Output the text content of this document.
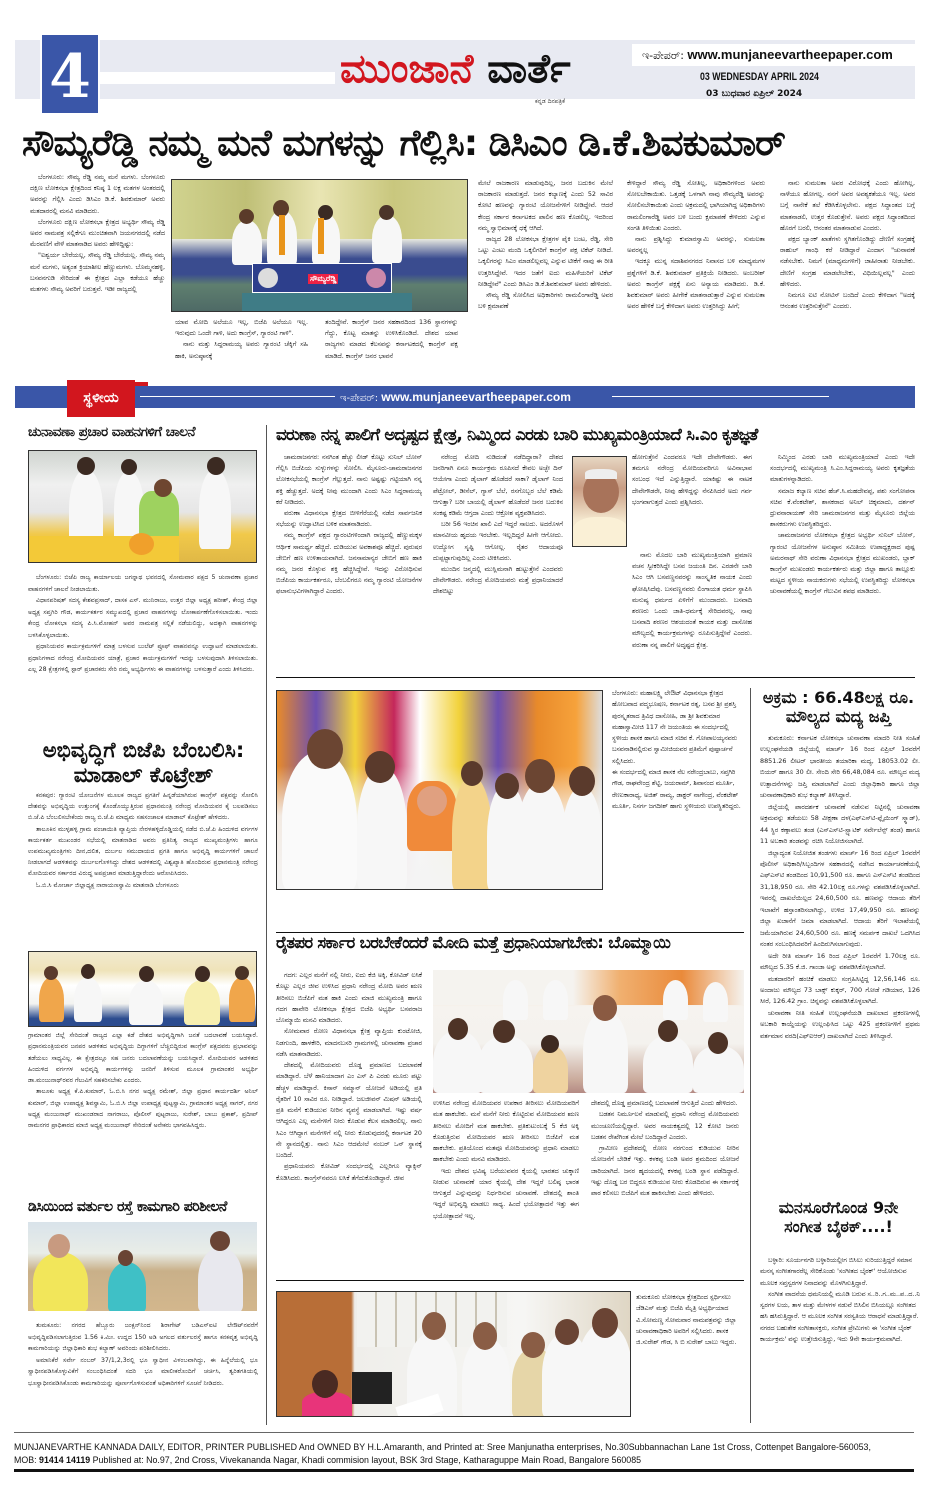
4	ಮುಂಜಾನೆ ವಾರ್ತೆ
ಕನ್ನಡ ದಿನಪತ್ರಿಕೆ
ಇ-ಪೇಪರ್: www.munjaneevartheepaper.com
03 WEDNESDAY APRIL 2024
03 ಬುಧವಾರ ಏಪ್ರಿಲ್ 2024
ಸೌಮ್ಯರೆಡ್ಡಿ ನಮ್ಮ ಮನೆ ಮಗಳನ್ನು ಗೆಲ್ಲಿಸಿ: ಡಿಸಿಎಂ ಡಿ.ಕೆ.ಶಿವಕುಮಾರ್

ಬೆಂಗಳೂರು: ಸೌಮ್ಯ ರೆಡ್ಡಿ ನಮ್ಮ ಮನೆ ಮಗಳು. ಬೆಂಗಳೂರು ದಕ್ಷಿಣ ಲೋಕಸಭಾ ಕ್ಷೇತ್ರದಿಂದ ಕನಿಷ್ಠ 1 ಲಕ್ಷ ಮತಗಳ ಅಂತರದಲ್ಲಿ ಅವರನ್ನು ಗೆಲ್ಲಿಸಿ ಎಂದು ಡಿಸಿಎಂ ಡಿ.ಕೆ. ಶಿವಕುಮಾರ್ ಅವರು ಮತದಾರರಲ್ಲಿ ಮನವಿ ಮಾಡಿದರು.

ಬೆಂಗಳೂರು ದಕ್ಷಿಣ ಲೋಕಸಭಾ ಕ್ಷೇತ್ರದ ಅಭ್ಯರ್ಥಿ ಸೌಮ್ಯ ರೆಡ್ಡಿ ಅವರ ನಾಮಪತ್ರ ಸಲ್ಲಿಕೆಗೂ ಮುಂಚಿತವಾಗಿ ಜಯನಗರದಲ್ಲಿ ನಡೆದ ಮೆರವಣಿಗೆ ವೇಳೆ ಮಾತನಾಡಿದ ಅವರು ಹೇಳಿದ್ದಿಷ್ಟು:

"ಐಶ್ವರ್ಯ ಬೇರೆಯಲ್ಲ, ಸೌಮ್ಯ ರೆಡ್ಡಿ ಬೇರೆಯಲ್ಲ. ಸೌಮ್ಯ ನಮ್ಮ ಮನೆ ಮಗಳು, ಅತ್ಯಂತ ಕ್ರಿಯಾಶೀಲ ಹೆಣ್ಣುಮಗಳು. ಬೊಮ್ಮನಹಳ್ಳಿ, ಬಸವನಗುಡಿ ಸೇರಿದಂತೆ ಈ ಕ್ಷೇತ್ರದ ಎಲ್ಲಾ ಕಡೆಯೂ ಹೆಚ್ಚು ಮತಗಳು ಸೌಮ್ಯ ಅವರಿಗೆ ಬರುತ್ತವೆ. ಇಡೀ ರಾಜ್ಯದಲ್ಲಿ

ಸೌಮ್ಯರೆಡ್ಡಿ

ಯಾವ ಮೋದಿ ಅಲೆಯೂ ಇಲ್ಲ, ಬಿಜೆಪಿ ಅಲೆಯೂ ಇಲ್ಲ. ಇರುವುದು ಒಂದೇ ಗಾಳಿ, ಅದು ಕಾಂಗ್ರೆಸ್, ಗ್ಯಾರಂಟಿ ಗಾಳಿ".

ನಾನು ಮತ್ತು ಸಿದ್ದರಾಮಯ್ಯ ಅವರು ಗ್ಯಾರಂಟಿ ಚೆಕ್ಕಿಗೆ ಸಹಿ ಹಾಕಿ, ಅನುಷ್ಠಾನಕ್ಕೆ

ತಂದಿದ್ದೇವೆ. ಕಾಂಗ್ರೆಸ್ ಜನರ ಸಹಕಾರದಿಂದ 136 ಸ್ಥಾನಗಳನ್ನು ಗೆದ್ದು, ಕೊಟ್ಟ ಮಾತನ್ನು ಉಳಿಸಿಕೊಂಡಿದೆ. ದೇಶದ ಯಾವ ರಾಜ್ಯಗಳು ಮಾಡದ ಕೆಲಸವನ್ನು ಕರ್ನಾಟಕದಲ್ಲಿ ಕಾಂಗ್ರೆಸ್ ಪಕ್ಷ ಮಾಡಿದೆ. ಕಾಂಗ್ರೆಸ್ ಜನರ ಭಾವನೆ

ಮೇಲೆ ರಾಜಕಾರಣ ಮಾಡುವುದಿಲ್ಲ, ಜನರ ಬದುಕಿನ ಮೇಲೆ ರಾಜಕಾರಣ ಮಾಡುತ್ತದೆ. ಜನರ ಕಲ್ಯಾಣಕ್ಕೆ ಎಂದು 52 ಸಾವಿರ ಕೋಟಿ ಹಣವನ್ನು ಗ್ಯಾರಂಟಿ ಯೋಜನೆಗಳಿಗೆ ನೀಡಿದ್ದೇವೆ. ಆದರೆ ಕೇಂದ್ರ ಸರ್ಕಾರ ಕರ್ನಾಟಕದ ಪಾಲಿನ ಹಣ ಕೊಡಲಿಲ್ಲ. ಇದರಿಂದ ನಮ್ಮ ಸ್ವಾಭಿಮಾನಕ್ಕೆ ಧಕ್ಕೆ ಆಗಿದೆ.

ರಾಜ್ಯದ 28 ಲೋಕಸಭಾ ಕ್ಷೇತ್ರಗಳ ಪೈಕಿ ಬಂಟ, ರೆಡ್ಡಿ, ಸೇರಿ ಒಟ್ಟು ಎಂಟು ಮಂದಿ ಒಕ್ಕಲಿಗರಿಗೆ ಕಾಂಗ್ರೆಸ್ ಪಕ್ಷ ಟಿಕೆಟ್ ನೀಡಿದೆ. ಒಕ್ಕಲಿಗರನ್ನು ಸಿಎಂ ಮಾಡಲಿಲ್ಲವಲ್ಲ ಎನ್ನುವ ಟೀಕೆಗೆ ನಾವು ಈ ರೀತಿ ಉತ್ತರಿಸಿದ್ದೇವೆ. ಇದರ ಜತೆಗೆ ಐದು ಮಹಿಳೆಯರಿಗೆ ಟಿಕೆಟ್ ನೀಡಿದ್ದೇವೆ" ಎಂದು ಡಿಸಿಎಂ ಡಿ.ಕೆ.ಶಿವಕುಮಾರ್ ಅವರು ಹೇಳಿದರು.

ಸೌಮ್ಯ ರೆಡ್ಡಿ ಸೋಲಿಸಿದ ಅಧಿಕಾರಿಗಳು ರಾಮಲಿಂಗಾರೆಡ್ಡಿ ಅವರ ಬಳಿ ಕ್ಷಮಾಪಣೆ

ಕೇಳಿದ್ದಾರೆ ಸೌಮ್ಯ ರೆಡ್ಡಿ ಸೋತಿಲ್ಲ, ಅಧಿಕಾರಿಗಳಿಂದ ಅವರು ಸೋಲಬೇಕಾಯಿತು. ಒತ್ತಡಕ್ಕೆ ಒಳಗಾಗಿ ನಾವು ಸೌಮ್ಯರೆಡ್ಡಿ ಅವರನ್ನು ಸೋಲಿಸಬೇಕಾಯಿತು ಎಂದು ಅಕ್ರಮದಲ್ಲಿ ಭಾಗಿಯಾಗಿದ್ದ ಅಧಿಕಾರಿಗಳು ರಾಮಲಿಂಗಾರೆಡ್ಡಿ ಅವರ ಬಳಿ ಬಂದು ಕ್ಷಮಾಪಣೆ ಕೇಳಿದರು ಎನ್ನುವ ಸಂಗತಿ ತಿಳಿಯಿತು ಎಂದರು.

ನಾನು ಪ್ರಶ್ನಿಸಿದ್ದು ಕುಮಾರಸ್ವಾಮಿ ಅವರನ್ನು, ಸುಮಲತಾ ಅವರನ್ನಲ್ಲ

ಇದಕ್ಕೂ ಮುನ್ನ ಸದಾಶಿವನಗರದ ನಿವಾಸದ ಬಳಿ ಮಾಧ್ಯಮಗಳ ಪ್ರಶ್ನೆಗಳಿಗೆ ಡಿ.ಕೆ. ಶಿವಕುಮಾರ್ ಪ್ರತಿಕ್ರಿಯೆ ನೀಡಿದರು. ಅಂಬರೀಶ್ ಅವರು ಕಾಂಗ್ರೆಸ್ ಪಕ್ಷಕ್ಕೆ ಏನು ಅನ್ಯಾಯ ಮಾಡಿದರು. ಡಿ.ಕೆ. ಶಿವಕುಮಾರ್ ಅವರು ಹೀಗೇಕೆ ಮಾತನಾಡುತ್ತಾರೆ ಎನ್ನುವ ಸುಮಲತಾ ಅವರ ಹೇಳಿಕೆ ಬಗ್ಗೆ ಕೇಳಿದಾಗ ಅವರು ಉತ್ತರಿಸಿದ್ದು ಹೀಗೆ;

ನಾನು ಸುಮಲತಾ ಅವರ ವಿರೋಧಕ್ಕೆ ಎಂದು ಹೋಗಿಲ್ಲ, ನಾಳೆಯೂ ಹೋಗಲ್ಲ. ನನಗೆ ಅವರ ಅವಶ್ಯಕತೆಯೂ ಇಲ್ಲ. ಅವರ ಬಗ್ಗೆ ನಾನೇಕೆ ತಲೆ ಕೆಡಿಸಿಕೊಳ್ಳಲೇನು. ಪಕ್ಷದ ಸಿದ್ಧಾಂತದ ಬಗ್ಗೆ ಮಾತನಾಡಲಿ, ಉತ್ತರ ಕೊಡುತ್ತೇನೆ. ಅವರು ಪಕ್ಷದ ಸಿದ್ಧಾಂತದಿಂದ ಹೊರಗೆ ಬರಲಿ, ಆನಂತರ ಮಾತನಾಡುವ ಎಂದರು.

ಪಕ್ಷದ ಬ್ಯಾಂಕ್ ಖಾತೆಗಳು ಸ್ಥಗಿತಗೊಂಡಿದ್ದು ದೇಣಿಗೆ ಸಂಗ್ರಹಕ್ಕೆ ರಾಹುಲ್ ಗಾಂಧಿ ಕರೆ ನೀಡಿದ್ದಾರೆ ಎಂದಾಗ "ಚುನಾವಣೆ ನಡೆಸಬೇಕು. ನಿಮಗೆ (ಮಾಧ್ಯಮಗಳಿಗೆ) ಜಾಹೀರಾತು ನೀಡಬೇಕು. ದೇಣಿಗೆ ಸಂಗ್ರಹ ಮಾಡಲೇಬೇಕು, ವಿಧಿಯಿಲ್ಲವಲ್ಲ" ಎಂದು ಹೇಳಿದರು.

ನಿಮಗೂ ಐಟಿ ನೋಟಿಸ್ ಬಂದಿದೆ ಎಂದು ಕೇಳಿದಾಗ "ಅದಕ್ಕೆ ಆನಂತರ ಉತ್ತರಿಸುತ್ತೇನೆ" ಎಂದರು.

ಇ-ಪೇಪರ್: www.munjaneevartheepaper.com
ಸ್ಥಳೀಯ
ಚುನಾವಣಾ ಪ್ರಚಾರ ವಾಹನಗಳಿಗೆ ಚಾಲನೆ

ಬೆಂಗಳೂರು: ಬಿಜೆಪಿ ರಾಜ್ಯ ಕಾರ್ಯಾಲಯ ಜಗನ್ನಾಥ ಭವನದಲ್ಲಿ ಸೋಮವಾರ ಪಕ್ಷದ 5 ಚುನಾವಣಾ ಪ್ರಚಾರ ವಾಹನಗಳಿಗೆ ಚಾಲನೆ ನೀಡಲಾಯಿತು.

ವಿಧಾನಪರಿಷತ್ ಸದಸ್ಯ ಕೇಶವಪ್ರಸಾದ್, ದಾಸಕ ಎಸ್. ಮುನಿರಾಜು, ಉತ್ತರ ಜಿಲ್ಲಾ ಅಧ್ಯಕ್ಷ ಹರೀಶ್, ಕೇಂದ್ರ ಜಿಲ್ಲಾ ಅಧ್ಯಕ್ಷ ಸಪ್ತಗಿರಿ ಗೌಡ, ಕಾರ್ಯಕರ್ತರ ಸಮ್ಮುಖದಲ್ಲಿ ಪ್ರಚಾರ ವಾಹನಗಳನ್ನು ಲೋಕಾರ್ಪಣೆಗೊಳಿಸಲಾಯಿತು. ಇಂದು ಕೇಂದ್ರ ಲೋಕಸಭಾ ಸದಸ್ಯ ಪಿ.ಸಿ.ಮೋಹನ್ ಅವರ ನಾಮಪತ್ರ ಸಲ್ಲಿಕೆ ನಡೆಯಲಿದ್ದು, ಅದಕ್ಕಾಗಿ ವಾಹನಗಳನ್ನು ಬಳಸಿಕೊಳ್ಳಲಾಯಿತು.

ಪ್ರಧಾನಿಯವರ ಕಾರ್ಯಕ್ರಮಗಳಿಗೆ ಮಾತ್ರ ಬಳಸುವ ಬುಲೆಟ್ ಪ್ರೂಫ್ ವಾಹನವನ್ನೂ ಉದ್ಘಾಟನೆ ಮಾಡಲಾಯಿತು. ಪ್ರಧಾನಿಗಳಾದ ನರೇಂದ್ರ ಮೋದಿಯವರ ಯಾತ್ರೆ, ಪ್ರಚಾರ ಕಾರ್ಯಕ್ರಮಗಳಿಗೆ ಇದನ್ನು ಬಳಸುವುದಾಗಿ ತಿಳಿಸಲಾಯಿತು. ಎಲ್ಲ 28 ಕ್ಷೇತ್ರಗಳಲ್ಲಿ ಸ್ಟಾರ್ ಪ್ರಚಾರಕರು ಸೇರಿ ನಮ್ಮ ಅಭ್ಯರ್ಥಿಗಳು ಈ ವಾಹನಗಳನ್ನು ಬಳಸುತ್ತಾರೆ ಎಂದು ತಿಳಿಸಿದರು.

ಅಭಿವೃದ್ಧಿಗೆ ಬಿಜೆಪಿ ಬೆಂಬಲಿಸಿ:
ಮಾಡಾಲ್ ಕೊಟ್ರೇಶ್

ಕನಕಪುರ: ಗ್ಯಾರಂಟಿ ಯೋಜನೆಗಳ ಮೂಲಕ ರಾಜ್ಯದ ಪ್ರಗತಿಗೆ ಹಿನ್ನಡೆಯಾಗಿರುವ ಕಾಂಗ್ರೆಸ್ ಪಕ್ಷವನ್ನು ಸೋಲಿಸಿ ದೇಶವನ್ನು ಅಭಿವೃದ್ಧಿಯ ಉತ್ತುಂಗಕ್ಕೆ ಕೊಂಡೊಯ್ಯುತ್ತಿರುವ ಪ್ರಧಾನಮಂತ್ರಿ ನರೇಂದ್ರ ಮೋದಿಯವರ ಕೈ ಬಲಪಡಿಸಲು ಬಿ.ಜೆ.ಪಿ ಬೆಂಬಲಿಸಬೇಕೆಂದು ರಾಜ್ಯ ಬಿ.ಜೆ.ಪಿ ಮಾಧ್ಯಮ ಸಹಸಂಚಾಲಕ ಮಾಡಾಲ್ ಕೊಟ್ರೇಶ್ ಹೇಳಿದರು.

ತಾಲೂಕಿನ ಮುಳ್ಳಹಳ್ಳಿ ಗ್ರಾಮ ಪಂಚಾಯಿತಿ ವ್ಯಾಪ್ತಿಯ ನೇರಳಹಳ್ಳಿದೊಡ್ಡಿಯಲ್ಲಿ ನಡೆದ ಬಿ.ಜೆ.ಪಿ ಹಿಂದುಳಿದ ವರ್ಗಗಳ ಕಾರ್ಯಕರ್ತ ಮುಖಂಡರ ಸಭೆಯಲ್ಲಿ ಮಾತನಾಡಿದ ಅವರು ಪ್ರತಿನಿತ್ಯ ರಾಜ್ಯದ ಮುಖ್ಯಮಂತ್ರಿಗಳು ಹಾಗೂ ಉಪಮುಖ್ಯಮಂತ್ರಿಗಳು ದೀನ,ದಲಿತ, ದುರ್ಬಲ ಸಮುದಾಯದ ಪ್ರಗತಿ ಹಾಗೂ ಅಭಿವೃದ್ಧಿ ಕಾರ್ಯಗಳಿಗೆ ಚಾಲನೆ ನೀಡಲಾಗದೆ ಆಡಳಿತವನ್ನು ದುರ್ಬಲಗೊಳಿಸಿದ್ದು ದೇಶದ ಆಡಳಿತದಲ್ಲಿ ವಿಶ್ವಖ್ಯಾತಿ ಹೊಂದಿರುವ ಪ್ರಧಾನಮಂತ್ರಿ ನರೇಂದ್ರ ಮೋದಿಯವರ ಸರ್ಕಾರದ ವಿರುದ್ಧ ಅಪಪ್ರಚಾರ ಮಾಡುತ್ತಿದ್ದಾರೆಂದು ಆರೋಪಿಸಿದರು.

ಓ.ಬಿ.ಸಿ ಮೋರ್ಚಾ ಜಿಲ್ಲಾಧ್ಯಕ್ಷ ನಾರಾಯಣಸ್ವಾಮಿ ಮಾತನಾಡಿ ಬೆಂಗಳೂರು

ಗ್ರಾಮಾಂತರ ಜಿಲ್ಲೆ ಸೇರಿದಂತೆ ರಾಜ್ಯದ ಎಲ್ಲಾ ಕಡೆ ದೇಶದ ಅಭಿವೃದ್ಧಿಗಾಗಿ ಜನತೆ ಬದಲಾವಣೆ ಬಯಸಿದ್ದಾರೆ. ಪ್ರಧಾನಮಂತ್ರಿಯವರ ಜನಪರ ಆಡಳಿತದ ಅಭಿವೃದ್ಧಿಯ ದಿಗ್ದಾಗಳಿಗೆ ಬೆಚ್ಚಿಬಿದ್ದಿರುವ ಕಾಂಗ್ರೆಸ್ ಪಕ್ಷದವರು ಪ್ರಭಾವವನ್ನು ತಡೆಯಲು ಸಾಧ್ಯವಿಲ್ಲ. ಈ ಕ್ಷೇತ್ರದಲ್ಲೂ ಸಹ ಜನರು ಬದಲಾವಣೆಯನ್ನು ಬಯಸಿದ್ದಾರೆ. ಮೋದಿಯವರ ಆಡಳಿತದ ಹಿಂದುಳಿದ ವರ್ಗಗಳ ಅಭಿವೃದ್ಧಿ ಕಾರ್ಯಗಳನ್ನು ಜನರಿಗೆ ತಿಳಿಸುವ ಮೂಲಕ ಗ್ರಾಮಾಂತರ ಅಭ್ಯರ್ಥಿ ಡಾ.ಮಂಜುನಾಥ್‌ರವರ ಗೆಲುವಿಗೆ ಸಹಕರಿಸಬೇಕು ಎಂದರು.

ತಾಲೂಕು ಅಧ್ಯಕ್ಷ ಕೆ.ಪಿ.ಕುಮಾರ್, ಓ.ಬಿ.ಸಿ ನಗರ ಅಧ್ಯಕ್ಷ ರಮೇಶ್, ಜಿಲ್ಲಾ ಪ್ರಧಾನ ಕಾರ್ಯದರ್ಶಿ ಅನಿಲ್ ಕುಮಾರ್, ಜಿಲ್ಲಾ ಉಪಾಧ್ಯಕ್ಷ ಶಿವಸ್ವಾಮಿ, ಓ.ಬಿ.ಸಿ ಜಿಲ್ಲಾ ಉಪಾಧ್ಯಕ್ಷ ಪುಟ್ಟಸ್ವಾಮಿ, ಗ್ರಾಮಾಂತರ ಅಧ್ಯಕ್ಷ ಸಾಗರ್, ನಗರ ಅಧ್ಯಕ್ಷ ಮಂಜುನಾಥ್ ಮುಖಂಡರಾದ ನಾಗರಾಜು, ಪೊಲೀಸ್ ಪುಟ್ಟರಾಜು, ಸುರೇಶ್, ಬಾಬು ಪ್ರಕಾಶ್, ಪ್ರದೀಪ್ ರಾಮನಗರ ಪ್ರಾಧಿಕಾರದ ಮಾಜಿ ಅಧ್ಯಕ್ಷ ಮಂಜುನಾಥ್ ಸೇರಿದಂತೆ ಅನೇಕರು ಭಾಗವಹಿಸಿದ್ದರು.

ಡಿಸಿಯಿಂದ ವರ್ತುಲ ರಸ್ತೆ ಕಾಮಗಾರಿ ಪರಿಶೀಲನೆ

ತುಮಕೂರು: ನಗರದ ಹೆಬ್ಬೂರು ಜಂಕ್ಷನ್‌ನಿಂದ ಶಿರಾಗೇಟ್ ಬಡಿಎಸ್‌ಐಟಿ ಲೇಔಟ್‌ನವರೆಗೆ ಅಭಿವೃದ್ಧಿಪಡಿಸಲಾಗುತ್ತಿರುವ 1.56 ಕಿ.ಮೀ. ಉದ್ದದ 150 ಅಡಿ ಅಗಲದ ವರ್ತುಲರಸ್ತೆ ಹಾಗೂ ಕನಕವೃತ್ತ ಅಭಿವೃದ್ಧಿ ಕಾಮಗಾರಿಯನ್ನು ಜಿಲ್ಲಾಧಿಕಾರಿ ಶುಭ ಕಲ್ಯಾಣ್ ಅವರಿಂದು ಪರಿಶೀಲಿಸಿದರು.

ಅಮಾನಿಕೆರೆ ಸರ್ವೇ ನಂಬರ್ 37/1,2,3ರಲ್ಲಿ ಭೂ ಸ್ವಾಧೀನ ವಿಳಂಬವಾಗಿದ್ದು, ಈ ಹಿನ್ನೆಲೆಯಲ್ಲಿ ಭೂ ಸ್ವಾಧೀನಪಡಿಸಿಕೊಳ್ಳುವಿಕೆಗೆ ಸಂಬಂಧಿಸಿದಂತೆ ಸದರಿ ಭೂ ಮಾಲೀಕರೊಂದಿಗೆ ಚರ್ಚಿಸಿ, ತ್ವರಿತಗತಿಯಲ್ಲಿ ಭೂಸ್ವಾಧೀನಪಡಿಸಿಕೊಂಡು ಕಾಮಗಾರಿಯನ್ನು ಪೂರ್ಣಗೊಳಿಸುವಂತೆ ಅಧಿಕಾರಿಗಳಿಗೆ ಸೂಚನೆ ನೀಡಿದರು.

ವರುಣಾ ನನ್ನ ಪಾಲಿಗೆ ಅದೃಷ್ಟದ ಕ್ಷೇತ್ರ, ನಿಮ್ಮಿಂದ ಎರಡು ಬಾರಿ ಮುಖ್ಯಮಂತ್ರಿಯಾದೆ ಸಿ.ಎಂ ಕೃತಜ್ಞತೆ

ಚಾಮರಾಜನಗರ: ನನಗಿಂತ ಹೆಚ್ಚು ಲೀಡ್ ಕೊಟ್ಟು ಸುನಿಲ್ ಬೋಸ್ ಗೆಲ್ಲಿಸಿ ಬಿಜೆಪಿಯ ಸುಳ್ಳುಗಳನ್ನು ಸೋಲಿಸಿ. ಮೈಸೂರು-ಚಾಮರಾಜನಗರ ಲೋಕಸಭೆಯಲ್ಲಿ ಕಾಂಗ್ರೆಸ್ ಗೆಲ್ಲುತ್ತದೆ. ನಾನು ಅಷ್ಟಷ್ಟು ಗಟ್ಟಿಯಾಗಿ ನನ್ನ ಶಕ್ತಿ ಹೆಚ್ಚುತ್ತದೆ. ಅದಕ್ಕೆ ನೀವು ಮುಂದಾಗಿ ಎಂದು ಸಿಎಂ ಸಿದ್ದರಾಮಯ್ಯ ಕರೆ ನೀಡಿದರು.

ವರುಣಾ ವಿಧಾನಸಭಾ ಕ್ಷೇತ್ರದ ಬೀಳಿಗೆರೆಯಲ್ಲಿ ನಡೆದ ಸಾರ್ವಜನಿಕ ಸಭೆಯನ್ನು ಉದ್ಘಾಟಿಸಿದ ಬಳಿಕ ಮಾತನಾಡಿದರು.

ನಮ್ಮ ಕಾಂಗ್ರೆಸ್ ಪಕ್ಷದ ಗ್ಯಾರಂಟಿಗಳಿಂದಾಗಿ ರಾಜ್ಯದಲ್ಲಿ ಹೆಣ್ಣುಮಕ್ಕಳ ಆರ್ಥಿಕ ಸಾಮರ್ಥ್ಯ ಹೆಚ್ಚಿದೆ. ದುಡಿಯುವ ಅವಕಾಶವೂ ಹೆಚ್ಚಿದೆ. ಪುರುಷರ ಜೇಬಿಗೆ ಹಣ ಉಳಿತಾಯವಾಗಿದೆ. ಜನಸಾಮಾನ್ಯರ ಜೇಬಿಗೆ ಹಣ ಹಾಕಿ ನಮ್ಮ ಜನರ ಕೊಳ್ಳುವ ಶಕ್ತಿ ಹೆಚ್ಚಿಸಿದ್ದೇವೆ. ಇದನ್ನು ವಿರೋಧಿಸುವ ಬಿಜೆಪಿಯ ಕಾರ್ಯಕರ್ತರೂ, ಬೆಂಬಲಿಗರೂ ನಮ್ಮ ಗ್ಯಾರಂಟಿ ಯೋಜನೆಗಳ ಫಲಾನುಭವಿಗಳಾಗಿದ್ದಾರೆ ಎಂದರು.

ನರೇಂದ್ರ ಮೋದಿ ನುಡಿದಂತೆ ನಡೆದಿದ್ದಾರಾ? ದೇಶದ ಜನರಿಗಾಗಿ ಏನೂ ಕಾರ್ಯಕ್ರಮ ರೂಪಿಸದೆ ಕೇವಲ ಅಚ್ಛೇ ದಿನ್ ಆಯೇಗಾ ಎಂದು ಡೈಲಾಗ್ ಹೊಡೆದರೆ ಸಾಕಾ? ಡೈಲಾಗ್ ನಿಂದ ಪೆಟ್ರೋಲ್, ಡೀಸೆಲ್, ಗ್ಯಾಸ್ ಬೆಲೆ, ರಸಗೊಬ್ಬರ ಬೆಲೆ ಕಡಿಮೆ ಆಗುತ್ತಾ? ಬರೀ ಬಾಯಲ್ಲಿ ಡೈಲಾಗ್ ಹೊಡೆದರೆ ಜನರ ಬದುಕಿನ ಸಂಕಷ್ಟ ಕಡಿಮೆ ಆಗ್ತದಾ ಎಂದು ಆಕ್ರೋಶ ವ್ಯಕ್ತಪಡಿಸಿದರು.

ಬರೀ 56 ಇಂಚಿನ ಖಾಲಿ ಎದೆ ಇದ್ದರೆ ಸಾಲದು. ಅದರೊಳಗೆ ಮಾನವೀಯ ಹೃದಯ ಇರಬೇಕು. ಇಲ್ಲದಿದ್ದರೆ ಹೀಗೇ ಆಗೋದು. ಉದ್ಯೋಗ ಸೃಷ್ಟಿ ಆಗೋಲ್ಲ. ರೈತರ ಆದಾಯವೂ ದುಪ್ಪಟ್ಟಾಗುವುದಿಲ್ಲ ಎಂದು ಟೀಕಿಸಿದರು.

ಮುಂದಿನ ಜನ್ಮದಲ್ಲಿ ಮುಸ್ಲಿಮನಾಗಿ ಹುಟ್ಟುತ್ತೇನೆ ಎಂದವರು ದೇವೇಗೌಡರು. ನರೇಂದ್ರ ಮೋದಿಯವರು ಮತ್ತೆ ಪ್ರಧಾನಿಯಾದರೆ ದೇಶಬಿಟ್ಟು

ಹೋಗುತ್ತೇನೆ ಎಂದವರೂ ಇದೇ ದೇವೇಗೌಡರು. ಈಗ ತಮಗೂ ನರೇಂದ್ರ ಮೋದಿಯವರಿಗೂ ಅವಿನಾಭಾವ ಸಂಬಂಧ ಇದೆ ಎನ್ನುತ್ತಿದ್ದಾರೆ. ಯಾಕಿಷ್ಟು ಈ ನಾಟಕ ದೇವೇಗೌಡರೇ, ನೀವು ಹೇಳಿದ್ದನ್ನು ನೆನಪಿಸಿದರೆ ಅದು ಗರ್ವ ಭಂಗವಾಗುತ್ತದೆ ಎಂದು ಪ್ರಶ್ನಿಸಿದರು.

ನಾನು ಮೊದಲ ಬಾರಿ ಮುಖ್ಯಮಂತ್ರಿಯಾಗಿ ಪ್ರಮಾಣ ವಚನ ಸ್ವೀಕರಿಸಿದ್ದೇ ಬಸವ ಜಯಂತಿ ದಿನ. ಎರಡನೇ ಬಾರಿ ಸಿಎಂ ಆಗಿ ಬಸವಣ್ಣನವರನ್ನು ಸಾಂಸ್ಕೃತಿಕ ನಾಯಕ ಎಂದು ಘೋಷಿಸಿದೆವು. ಬಸವಣ್ಣನವರು ಲಿಂಗಾಯತ ಧರ್ಮ ಸ್ಥಾಪಿಸಿ ಮನುಷ್ಯ ಧರ್ಮದ ಏಳಿಗೆಗೆ ಮುಂದಾದರು. ಬಸವಾದಿ ಶರಣರು ಒಂದು ಜಾತಿ-ಧರ್ಮಕ್ಕೆ ಸೇರಿದವರಲ್ಲ. ನಾವು ಬಸವಾದಿ ಶರಣರ ಆಶಯದಂತೆ ಕಾಯಕ ಮತ್ತು ದಾಸೋಹ ಮೌಲ್ಯದಲ್ಲಿ ಕಾರ್ಯಕ್ರಮಗಳನ್ನು ರೂಪಿಸುತ್ತಿದ್ದೇವೆ ಎಂದರು. ವರುಣಾ ನನ್ನ ಪಾಲಿಗೆ ಅದೃಷ್ಟದ ಕ್ಷೇತ್ರ.

ನಿಮ್ಮಿಂದ ಎರಡು ಬಾರಿ ಮುಖ್ಯಮಂತ್ರಿಯಾದೆ ಎಂದು ಇದೇ ಸಂದರ್ಭದಲ್ಲಿ ಮುಖ್ಯಮಂತ್ರಿ ಸಿ.ಎಂ.ಸಿದ್ದರಾಮಯ್ಯ ಅವರು ಕೃತಜ್ಞತೆಯ ಮಾತುಗಳನ್ನಾಡಿದರು.

ಸಮಾಜ ಕಲ್ಯಾಣ ಸಚಿವ ಹೆಚ್.ಸಿ.ಮಹದೇವಪ್ಪ, ಪಶು ಸಂಗೋಪನಾ ಸಚಿವ ಕೆ.ವೆಂಕಟೇಶ್, ಶಾಸಕರಾದ ಅನಿಲ್ ಚಿಕ್ಕಮಾದು, ದರ್ಶನ್ ಧ್ರುವನಾರಾಯಣ್ ಸೇರಿ ಚಾಮರಾಜನಗರ ಮತ್ತು ಮೈಸೂರು ಜಿಲ್ಲೆಯ ಶಾಸಕರುಗಳು ಉಪಸ್ಥಿತರಿದ್ದರು.

ಚಾಮರಾಜನಗರ ಲೋಕಸಭಾ ಕ್ಷೇತ್ರದ ಅಭ್ಯರ್ಥಿ ಸುನಿಲ್ ಬೋಸ್, ಗ್ಯಾರಂಟಿ ಯೋಜನೆಗಳ ಅನುಷ್ಠಾನ ಸಮಿತಿಯ ಉಪಾಧ್ಯಕ್ಷರಾದ ಪುಷ್ಪ ಅಮರನಾಥ್ ಸೇರಿ ವರುಣಾ ವಿಧಾನಸಭಾ ಕ್ಷೇತ್ರದ ಮುಖಂಡರು, ಬ್ಲಾಕ್ ಕಾಂಗ್ರೆಸ್ ಮುಖಂಡರು ಕಾರ್ಯಕರ್ತರು ಮತ್ತು ಜಿಲ್ಲಾ ಹಾಗೂ ತಾಲ್ಲೂಕು ಮಟ್ಟದ ಸ್ಥಳೀಯ ನಾಯಕರುಗಳು ಸಭೆಯಲ್ಲಿ ಉಪಸ್ಥಿತರಿದ್ದು ಲೋಕಸಭಾ ಚುನಾವಣೆಯಲ್ಲಿ ಕಾಂಗ್ರೆಸ್ ಗೆಲುವಿನ ಶಪಥ ಮಾಡಿದರು.

ಬೆಂಗಳೂರು: ಮಹಾಲಕ್ಷ್ಮಿ ಲೇಔಟ್ ವಿಧಾನಸಭಾ ಕ್ಷೇತ್ರದ ಹೋಬವಾದ ಪದ್ಮಭೂಷಣ, ಕರ್ನಾಟಕ ರತ್ನ, ಬಸವ ಶ್ರೀ ಪ್ರಶಸ್ತಿ ಪುರಸ್ಕೃತರಾದ ತ್ರಿವಿಧ ದಾಸೋಹಿ, ಡಾ ಶ್ರೀ ಶಿವಕುಮಾರ ಮಹಾಸ್ವಾಮೀಜಿ 117 ನೇ ಜಯಂತಿಯ ಈ ಸಂದರ್ಭದಲ್ಲಿ ಸ್ಥಳೀಯ ಶಾಸಕ ಹಾಗೂ ಮಾಜಿ ಸಚಿವ ಕೆ. ಗೋಪಾಲಯ್ಯನವರು ಬಸವನಾಡಿನಲ್ಲಿರುವ ಸ್ವಾಮೀಜಿಯವರ ಪ್ರತಿಮೆಗೆ ಪುಷ್ಪಾರ್ಚನೆ ಸಲ್ಲಿಸಿದರು.

ಈ ಸಂದರ್ಭದಲ್ಲಿ ಮಾಜಿ ಶಾಸಕ ನೆಲ ನರೇಂದ್ರಬಾಬು, ಸಪ್ತಗಿರಿ ಗೌಡ, ರಾಘವೇಂದ್ರ ಶೆಟ್ಟಿ, ಜಯರಾಮ್, ಶಿವಾನಂದ ಮೂರ್ತಿ, ರೇಣುಕಾರಾಧ್ಯ, ಅಜಿತ್ ರಾಮ್ಯ, ಡಾಕ್ಟರ್ ನಾಗೇಂದ್ರ, ವೆಂಕಟೇಶ್ ಮೂರ್ತಿ, ನಿಸರ್ಗ ಜಗದೀಶ್ ಹಾಗು ಸ್ಥಳೀಯರು ಉಪಸ್ಥಿತರಿದ್ದರು.

ರೈತಪರ ಸರ್ಕಾರ ಬರಬೇಕೆಂದರೆ ಮೋದಿ ಮತ್ತೆ ಪ್ರಧಾನಿಯಾಗಬೇಕು: ಬೊಮ್ಮಾಯಿ

ಗದಗ: ಎಲ್ಲರ ಮನೆಗೆ ನಲ್ಲಿ ನೀರು, ಐದು ಕೆಜಿ ಅಕ್ಕಿ, ಕೋವಿಡ್ ಲಸಿಕೆ ಕೊಟ್ಟು ಎಲ್ಲರ ಜೀವ ಉಳಿಸಿದ ಪ್ರಧಾನಿ ನರೇಂದ್ರ ಮೋದಿ ಅವರ ಋಣ ತೀರಿಸಲು ಬಿಜೆಪಿಗೆ ಮತ ಹಾಕಿ ಎಂದು ಮಾಜಿ ಮುಖ್ಯಮಂತ್ರಿ ಹಾಗೂ ಗದಗ ಹಾವೇರಿ ಲೋಕಸಭಾ ಕ್ಷೇತ್ರದ ಬಿಜೆಪಿ ಅಭ್ಯರ್ಥಿ ಬಸವರಾಜ ಬೊಮ್ಮಾಯಿ ಮನವಿ ಮಾಡಿದರು.

ಸೋಮವಾರ ರೋಣ ವಿಧಾನಸಭಾ ಕ್ಷೇತ್ರ ವ್ಯಾಪ್ತಿಯ ಕುಂಟೋಜಿ, ನಿಡಗುಂದಿ, ಹಾಳಕೇರಿ, ಮಾದನಬಸರಿ ಗ್ರಾಮಗಳಲ್ಲಿ ಚುನಾವಣಾ ಪ್ರಚಾರ ನಡೆಸಿ ಮಾತನಾಡಿದರು.

ದೇಶದಲ್ಲಿ ಮೋದಿಯವರು ದೊಡ್ಡ ಪ್ರಮಾಣದ ಬದಲಾವಣೆ ಮಾಡಿದ್ದಾರೆ. ಬೆಳೆ ಹಾನಿಯಾದಾಗ ಎಂ ಎಸ್ ಪಿ ಎರಡು ಮೂರು ಪಟ್ಟು ಹೆಚ್ಚಳ ಮಾಡಿದ್ದಾರೆ. ಕಿಸಾನ್ ಸಮ್ಮಾನ್ ಯೋಜನೆ ಅಡಿಯಲ್ಲಿ ಪ್ರತಿ ರೈತರಿಗೆ 10 ಸಾವಿರ ರೂ. ನೀಡಿದ್ದಾರೆ. ಜಲಜೀವನ್ ಮಿಷನ್ ಅಡಿಯಲ್ಲಿ ಪ್ರತಿ ಮನೆಗೆ ಕುಡಿಯುವ ನೀರಿನ ವ್ಯವಸ್ಥೆ ಮಾಡಲಾಗಿದೆ. ಇಷ್ಟು ವರ್ಷ ಆಗಿದ್ದರೂ ಎಲ್ಲ ಮನೆಗಳಿಗೆ ನೀರು ಕೊಡುವ ಕೆಲಸ ಮಾಡಿರಲಿಲ್ಲ. ನಾನು ಸಿಎಂ ಆಗಿದ್ದಾಗ ಮನೆಗಳಿಗೆ ನಲ್ಲಿ ನೀರು ಕೊಡುವುದರಲ್ಲಿ ಕರ್ನಾಟಕ 20 ನೇ ಸ್ಥಾನದಲ್ಲಿತ್ತು. ನಾನು ಸಿಎಂ ಆದಮೇಲೆ ನಂಬರ್ ಒನ್ ಸ್ಥಾನಕ್ಕೆ ಬಂದಿದೆ.

ಪ್ರಧಾನಿಯವರು ಕೋವಿಡ್ ಸಂದರ್ಭದಲ್ಲಿ ಎಲ್ಲರಿಗೂ ವ್ಯಾಕ್ಸಿನ್ ಕೊಡಿಸಿದರು. ಕಾಂಗ್ರೆಸ್‌ನವರೂ ಲಸಿಕೆ ತೆಗೆದುಕೊಂಡಿದ್ದಾರೆ. ಜೀವ

ಉಳಿಸಿದ ನರೇಂದ್ರ ಮೋದಿಯವರ ಉಪಕಾರ ತೀರಿಸಲು ಮೋದಿಯವರಿಗೆ ಮತ ಹಾಕಬೇಕು. ಮನೆ ಮನೆಗೆ ನೀರು ಕೊಟ್ಟಿರುವ ಮೋದಿಯವರ ಋಣ ತೀರಿಸಲು ಮೋದಿಗೆ ಮತ ಹಾಕಬೇಕು. ಪ್ರತಿಕುಟುಂಬಕ್ಕೆ 5 ಕೆಜಿ ಅಕ್ಕಿ ಕೊಡುತ್ತಿರುವ ಮೋದಿಯವರ ಋಣ ತೀರಿಸಲು ಬಿಜೆಪಿಗೆ ಮತ ಹಾಕಬೇಕು. ಪ್ರತಿಯೊಂದ ಮತವೂ ಮೋದಿಯವರನ್ನು ಪ್ರಧಾನಿ ಮಾಡಲು ಹಾಕಬೇಕು ಎಂದು ಮನವಿ ಮಾಡಿದರು.

ಇದು ದೇಶದ ಭವಿಷ್ಯ ಬರೆಯುವವರ ಕೈಯಲ್ಲಿ ಭಾರತದ ಚುಕ್ಕಾಣಿ ನೀಡುವ ಚುನಾವಣೆ ಯಾರ ಕೈಯಲ್ಲಿ ದೇಶ ಇದ್ದರೆ ಬಲಿಷ್ಠ ಭಾರತ ಆಗುತ್ತದೆ ಎನ್ನುವುದನ್ನು ನಿರ್ಧರಿಸುವ ಚುನಾವಣೆ. ದೇಶದಲ್ಲಿ ಶಾಂತಿ ಇದ್ದರೆ ಅಭಿವೃದ್ಧಿ ಮಾಡಲು ಸಾಧ್ಯ. ಹಿಂದೆ ಭಯೋತ್ಪಾದನೆ ಇತ್ತು ಈಗ ಭಯೋತ್ಪಾದನೆ ಇಲ್ಲ.

ದೇಶದಲ್ಲಿ ದೊಡ್ಡ ಪ್ರಮಾಣದಲ್ಲಿ ಬದಲಾವಣೆ ಆಗುತ್ತಿದೆ ಎಂದು ಹೇಳಿದರು.

ಬಡತನ ನಿರ್ಮೂಲನೆ ಮಾಡುವಲ್ಲಿ ಪ್ರಧಾನಿ ನರೇಂದ್ರ ಮೋದಿಯವರು ಮುಂಚೂಣಿಯಲ್ಲಿದ್ದಾರೆ. ಅವರ ನಾಯಕತ್ವದಲ್ಲಿ 12 ಕೋಟಿ ಜನರು ಬಡತನ ರೇಖೆಗಿಂತ ಮೇಲೆ ಬಂದಿದ್ದಾರೆ ಎಂದರು.

ಗ್ರಾಮೀಣ ಪ್ರದೇಶದಲ್ಲಿ ರೋಣ ನರಗುಂದ ಕುಡಿಯುವ ನೀರಿನ ಯೋಜನೆಗೆ ಬೇಡಿಕೆ ಇತ್ತು. ಕಳಕಪ್ಪ ಬಂಡಿ ಅವರ ಶ್ರಮದಿಂದ ಯೋಜನೆ ಜಾರಿಯಾಗಿದೆ. ಜನರ ಹೃದಯದಲ್ಲಿ ಕಳಕಪ್ಪ ಬಂಡಿ ಸ್ಥಾನ ಪಡೆದಿದ್ದಾರೆ. ಇಷ್ಟು ದೊಡ್ಡ ಬರ ಬಿದ್ದರೂ ಕುಡಿಯುವ ನೀರು ಕೊಡದಿರುವ ಈ ಸರ್ಕಾರಕ್ಕೆ ಪಾಠ ಕಲಿಸಲು ಬಿಜೆಪಿಗೆ ಮತ ಹಾಕಿಸಬೇಕು ಎಂದು ಹೇಳಿದರು.

ತುಮಕೂರು ಲೋಕಸಭಾ ಕ್ಷೇತ್ರದಿಂದ ಸ್ಪರ್ಧಿಸಲು ಜೆಡಿಎಸ್ ಮತ್ತು ಬಿಜೆಪಿ ಮೈತ್ರಿ ಅಭ್ಯರ್ಥಿಯಾದ ವಿ.ಸೋಮಣ್ಣ ಸೋಮವಾರ ನಾಮಪತ್ರವನ್ನು ಜಿಲ್ಲಾ ಚುನಾವಣಾಧಿಕಾರಿ ಅವರಿಗೆ ಸಲ್ಲಿಸಿದರು. ಶಾಸಕ ಜಿ.ಸುರೇಶ್ ಗೌಡ, ಸಿ ಬಿ ಸುರೇಶ್ ಬಾಬು ಇದ್ದರು.

ಅಕ್ರಮ : 66.48ಲಕ್ಷ ರೂ.
ಮೌಲ್ಯದ ಮದ್ಯ ಜಪ್ತಿ

ತುಮಕೂರು: ಕರ್ನಾಟಕ ಲೋಕಸಭಾ ಚುನಾವಣಾ ಮಾದರಿ ನೀತಿ ಸಂಹಿತೆ ಉಲ್ಲಂಘನೆಯಡಿ ಜಿಲ್ಲೆಯಲ್ಲಿ ಮಾರ್ಚ್ 16 ರಿಂದ ಏಪ್ರಿಲ್ 1ರವರೆಗೆ 8851.26 ಲೀಟರ್ ಭಾರತೀಯ ತಯಾರಿಕಾ ಮದ್ಯ, 18053.02 ಲೀ. ಬಿಯರ್ ಹಾಗೂ 30 ಲೀ. ಸೇಂದಿ ಸೇರಿ 66,48,084 ರೂ. ಮೌಲ್ಯದ ಮದ್ಯ ಉತ್ಪಾದನೆಗಳನ್ನು ಜಪ್ತಿ ಮಾಡಲಾಗಿದೆ ಎಂದು ಜಿಲ್ಲಾಧಿಕಾರಿ ಹಾಗೂ ಜಿಲ್ಲಾ ಚುನಾವಣಾಧಿಕಾರಿ ಶುಭ ಕಲ್ಯಾಣ್ ತಿಳಿಸಿದ್ದಾರೆ.

ಜಿಲ್ಲೆಯಲ್ಲಿ ಪಾರದರ್ಶಕ ಚುನಾವಣೆ ನಡೆಸುವ ನಿಟ್ಟಿನಲ್ಲಿ ಚುನಾವಣಾ ಅಕ್ರಮವನ್ನು ತಡೆಯಲು 58 ವೀಕ್ಷಣಾ ದಳ(ಎಫ್‌ಎಸ್‌ಟಿ-ಫ್ಲೈಯಿಂಗ್ ಸ್ಕ್ವಾಡ್), 44 ಸ್ಥಿರ ಕಣ್ಗಾವಲು ತಂಡ (ಎಸ್‌ಎಸ್‌ಟಿ-ಸ್ಟ್ಯಾಟಿಕ್ ಸರ್ವೇಲೆನ್ಸ್ ತಂಡ) ಹಾಗೂ 11 ಅಬಕಾರಿ ತಂಡವನ್ನು ರಚಿಸಿ ನಿಯೋಜಿಸಲಾಗಿದೆ.

ಜಿಲ್ಲಾದ್ಯಂತ ನಿಯೋಜಿತ ತಂಡಗಳು ಮಾರ್ಚ್ 16 ರಿಂದ ಏಪ್ರಿಲ್ 1ರವರೆಗೆ ಪೊಲೀಸ್ ಅಧಿಕಾರಿ/ಸಿಬ್ಬಂದಿಗಳ ಸಹಕಾರದಲ್ಲಿ ನಡೆಸಿದ ಕಾರ್ಯಾಚರಣೆಯಲ್ಲಿ ಎಫ್‌ಎಸ್‌ಟಿ ತಂಡದಿಂದ 10,91,500 ರೂ. ಹಾಗೂ ಎಸ್‌ಎಸ್‌ಟಿ ತಂಡದಿಂದ 31,18,950 ರೂ. ಸೇರಿ 42.10ಲಕ್ಷ ರೂ.ಗಳನ್ನು ವಶಪಡಿಸಿಕೊಳ್ಳಲಾಗಿದೆ. ಇವರಲ್ಲಿ ದಾಖಲೆಯಿಲ್ಲದ 24,60,500 ರೂ. ಹಣವನ್ನು ಆದಾಯ ತೆರಿಗೆ ಇಲಾಖೆಗೆ ಹಸ್ತಾಂತರಿಸಲಾಗಿದ್ದು, ಉಳಿದ 17,49,950 ರೂ. ಹಣವನ್ನು ಜಿಲ್ಲಾ ಖಜಾನೆಗೆ ಜಮಾ ಮಾಡಲಾಗಿದೆ. ಆದಾಯ ತೆರಿಗೆ ಇಲಾಖೆಯಲ್ಲಿ ಜಮೆಯಾಗಿರುವ 24,60,500 ರೂ. ಹಣಕ್ಕೆ ಸಮರ್ಪಕ ದಾಖಲೆ ಒದಗಿಸಿದ ನಂತರ ಸಂಬಂಧಿಸಿದವರಿಗೆ ಹಿಂದಿರುಗಿಸಲಾಗುವುದು.

ಅದೇ ರೀತಿ ಮಾರ್ಚ್ 16 ರಿಂದ ಏಪ್ರಿಲ್ 1ರವರೆಗೆ 1.70ಲಕ್ಷ ರೂ. ಮೌಲ್ಯದ 5.35 ಕೆ.ಜಿ. ಗಾಂಜಾ ಅನ್ನು ವಶಪಡಿಸಿಕೊಳ್ಳಲಾಗಿದೆ.

ಮತದಾರರಿಗೆ ಹಂಚಿಕೆ ಮಾಡಲು ಸಂಗ್ರಹಿಸಿಟ್ಟಿದ್ದ 12,56,146 ರೂ. ಅಂದಾಜು ಮೌಲ್ಯದ 73 ಬಾಕ್ಸ್ ಕುಕ್ಕರ್, 700 ಗೋಡೆ ಗಡಿಯಾರ, 126 ಸೀರೆ, 126.42 ಗ್ರಾಂ. ಚಿನ್ನವನ್ನು ವಶಪಡಿಸಿಕೊಳ್ಳಲಾಗಿದೆ.

ಚುನಾವಣಾ ನೀತಿ ಸಂಹಿತೆ ಉಲ್ಲಂಘನೆಯಡಿ ದಾಖಲಾದ ಪ್ರಕರಣಗಳಲ್ಲಿ ಅಬಕಾರಿ ಕಾಯ್ದೆಯನ್ನು ಉಲ್ಲಂಘಿಸಿದ ಒಟ್ಟು 425 ಪ್ರಕರಣಗಳಿಗೆ ಪ್ರಥಮ ವರ್ತಮಾನ ವರದಿ(ಎಫ್‌ಐಆರ್) ದಾಖಲಾಗಿದೆ ಎಂದು ತಿಳಿಸಿದ್ದಾರೆ.

ಮನಸೂರೆಗೊಂಡ 9ನೇ
ಸಂಗೀತ ಬೈಠಕ್....!

ಬಳ್ಳಾರಿ: ಸೂರ್ಯನಗರಿ ಬಳ್ಳಾರಿಯಲ್ಲೀಗ ಬಿಸಿಲು ಸುರಿಯುತ್ತಿದ್ದರೆ ಸಮಾನ ಮನಸ್ಕ ಸಂಗೀತಗಾರರೆಲ್ಲ ಸೇರಿಕೊಂಡು 'ಸಂಗೀತದ ಬೈಠಕ್' ಆಯೋಜಿಸುವ ಮೂಲಕ ಸಪ್ತಸ್ವರಗಳ ನಿನಾದವನ್ನು ಮೊಳಗಿಸುತ್ತಿದ್ದಾರೆ.

ಸಂಗೀತ ವಾದನೆಯ ಧಮನಿಯಲ್ಲಿ ಮೂಡಿ ಬರುವ ಸ..ರಿ..ಗ..ಮ..ಪ..ದ..ನಿ ಸ್ವರಗಳ ಲಯ, ತಾಳ ಮತ್ತು ಮೇಳಗಳ ನಡುವೆ ಬಿಸಿಲಿನ ಬಿಸಿಯಲ್ಲೂ ಸಂಗೀತದ ಹಸಿ ಹಸಿರುತ್ತಿದ್ದಾರೆ. ಆ ಮೂಲಕ ಸಂಗೀತ ಸರಸ್ವತಿಯ ಆರಾಧನೆ ಮಾಡುತ್ತಿದ್ದಾರೆ. ನಗರದ ಬಹುತೇಕ ಸಂಗೀತಾಸಕ್ತರು, ಸಂಗೀತ ಪ್ರೇಮಿಗಳು ಈ 'ಸಂಗೀತ ಬೈಠಕ್ ಕಾರ್ಯಕ್ರಮ' ವನ್ನು ಉತ್ತೇಜಿಸುತ್ತಿದ್ದು, ಇದು 9ನೇ ಕಾರ್ಯಕ್ರಮವಾಗಿದೆ.

MUNJANEVARTHE KANNADA DAILY, EDITOR, PRINTER PUBLISHED And OWNED BY H.L.Amaranth, and Printed at: Sree Manjunatha enterprises, No.30Subbannachan Lane 1st Cross, Cottenpet Bangalore-560053,
MOB: 91414 14119 Published at: No.97, 2nd Cross, Vivekananda Nagar, Khadi commision layout, BSK 3rd Stage, Katharaguppe Main Road, Bangalore 560085
